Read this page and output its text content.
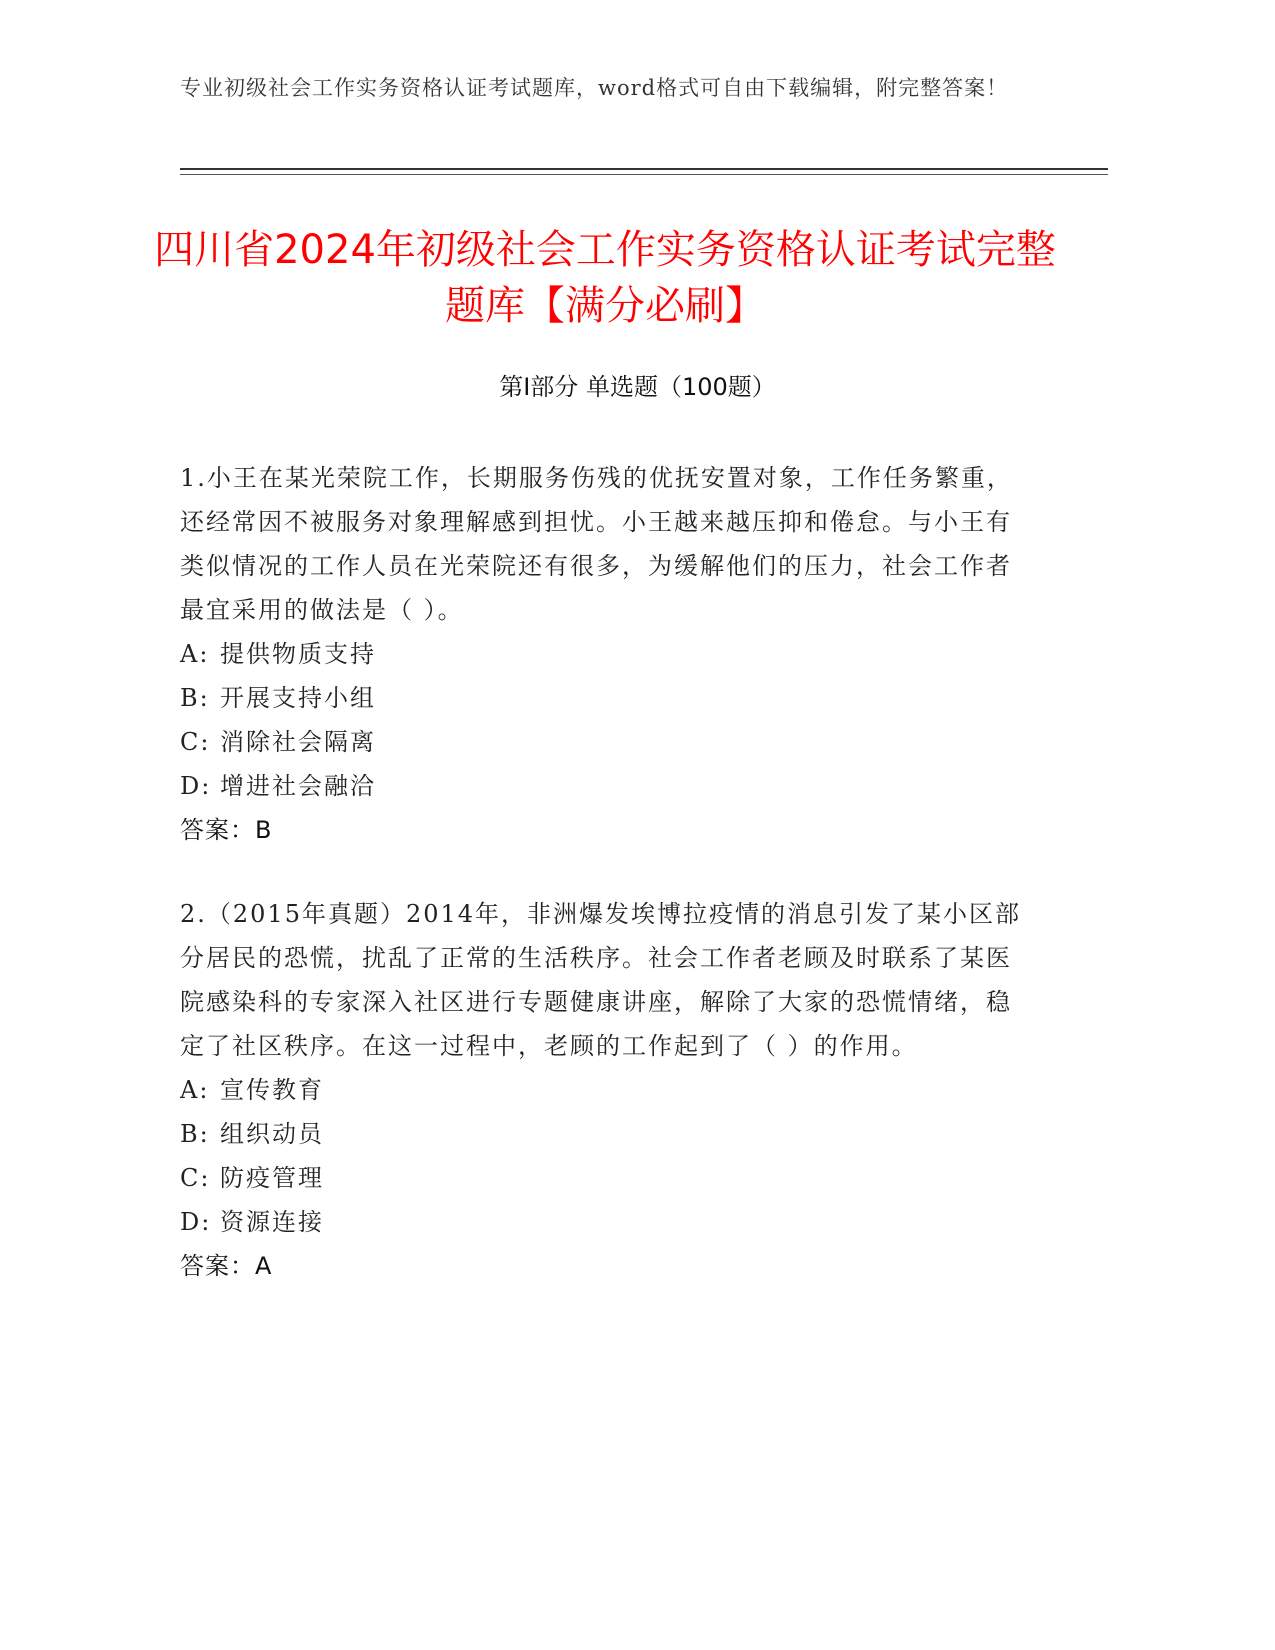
专业初级社会工作实务资格认证考试题库，word格式可自由下载编辑，附完整答案！
四川省2024年初级社会工作实务资格认证考试完整题库【满分必刷】
第I部分 单选题（100题）

1.小王在某光荣院工作，长期服务伤残的优抚安置对象，工作任务繁重，还经常因不被服务对象理解感到担忧。小王越来越压抑和倦怠。与小王有类似情况的工作人员在光荣院还有很多，为缓解他们的压力，社会工作者最宜采用的做法是（ ）。

A: 提供物质支持

B: 开展支持小组

C: 消除社会隔离

D: 增进社会融洽

答案：B

2.（2015年真题）2014年，非洲爆发埃博拉疫情的消息引发了某小区部分居民的恐慌，扰乱了正常的生活秩序。社会工作者老顾及时联系了某医院感染科的专家深入社区进行专题健康讲座，解除了大家的恐慌情绪，稳定了社区秩序。在这一过程中，老顾的工作起到了（ ）的作用。

A: 宣传教育

B: 组织动员

C: 防疫管理

D: 资源连接

答案：A
